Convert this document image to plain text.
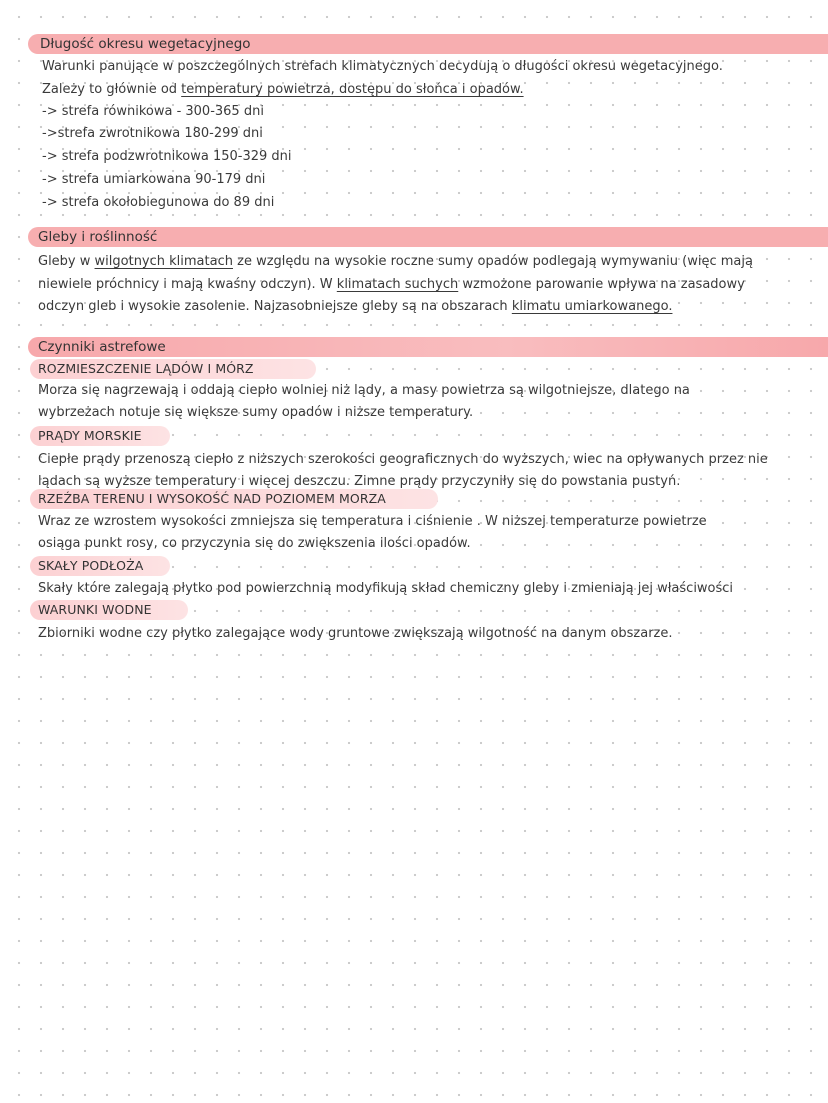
Długość okresu wegetacyjnego
Warunki panujące w poszczególnych strefach klimatycznych decydują o długości okresu wegetacyjnego.
Zależy to głównie od temperatury powietrza, dostępu do słońca i opadów.
-> strefa równikowa - 300-365 dni
->strefa zwrotnikowa 180-299 dni
-> strefa podzwrotnikowa 150-329 dni
-> strefa umiarkowana 90-179 dni
-> strefa okołobiegunowa do 89 dni
Gleby i roślinność
Gleby w wilgotnych klimatach ze względu na wysokie roczne sumy opadów podlegają wymywaniu (więc mają
niewiele próchnicy i mają kwaśny odczyn). W klimatach suchych wzmożone parowanie wpływa na zasadowy
odczyn gleb i wysokie zasolenie. Najzasobniejsze gleby są na obszarach klimatu umiarkowanego.
Czynniki astrefowe
ROZMIESZCZENIE LĄDÓW I MÓRZ
Morza się nagrzewają i oddają ciepło wolniej niż lądy, a masy powietrza są wilgotniejsze, dlatego na
wybrzeżach notuje się większe sumy opadów i niższe temperatury.
PRĄDY MORSKIE
Ciepłe prądy przenoszą ciepło z niższych szerokości geograficznych do wyższych, wiec na opływanych przez nie
lądach są wyższe temperatury i więcej deszczu. Zimne prądy przyczyniły się do powstania pustyń.
RZEŹBA TERENU I WYSOKOŚĆ NAD POZIOMEM MORZA
Wraz ze wzrostem wysokości zmniejsza się temperatura i ciśnienie . W niższej temperaturze powietrze
osiąga punkt rosy, co przyczynia się do zwiększenia ilości opadów.
SKAŁY PODŁOŻA
Skały które zalegają płytko pod powierzchnią modyfikują skład chemiczny gleby i zmieniają jej właściwości
WARUNKI WODNE
Zbiorniki wodne czy płytko zalegające wody gruntowe zwiększają wilgotność na danym obszarze.
